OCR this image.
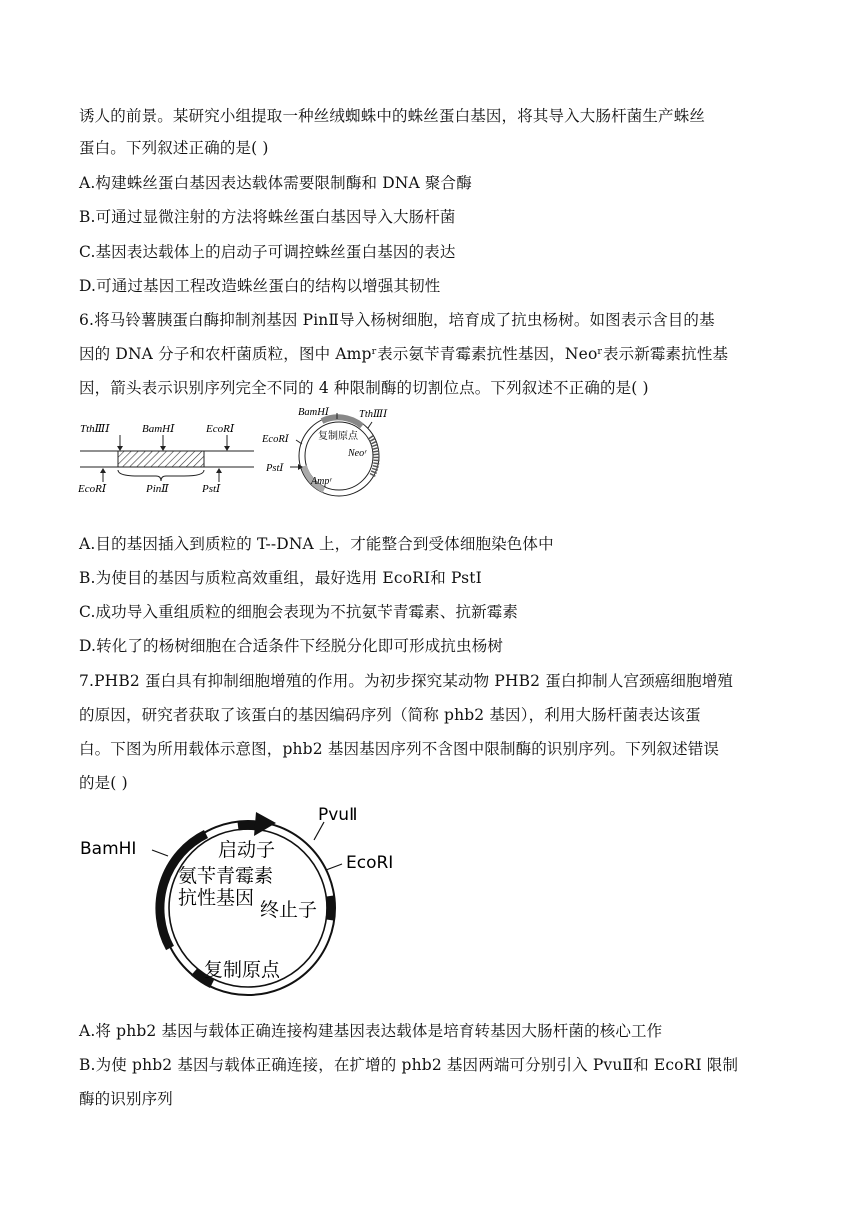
诱人的前景。某研究小组提取一种丝绒蜘蛛中的蛛丝蛋白基因，将其导入大肠杆菌生产蛛丝
蛋白。下列叙述正确的是( )
A.构建蛛丝蛋白基因表达载体需要限制酶和 DNA 聚合酶
B.可通过显微注射的方法将蛛丝蛋白基因导入大肠杆菌
C.基因表达载体上的启动子可调控蛛丝蛋白基因的表达
D.可通过基因工程改造蛛丝蛋白的结构以增强其韧性
6.将马铃薯胰蛋白酶抑制剂基因 PinⅡ导入杨树细胞，培育成了抗虫杨树。如图表示含目的基
因的 DNA 分子和农杆菌质粒，图中 Ampʳ表示氨苄青霉素抗性基因，Neoʳ表示新霉素抗性基
因，箭头表示识别序列完全不同的 4 种限制酶的切割位点。下列叙述不正确的是( )
A.目的基因插入到质粒的 T--DNA 上，才能整合到受体细胞染色体中
B.为使目的基因与质粒高效重组，最好选用 EcoRⅠ和 PstⅠ
C.成功导入重组质粒的细胞会表现为不抗氨苄青霉素、抗新霉素
D.转化了的杨树细胞在合适条件下经脱分化即可形成抗虫杨树
7.PHB2 蛋白具有抑制细胞增殖的作用。为初步探究某动物 PHB2 蛋白抑制人宫颈癌细胞增殖
的原因，研究者获取了该蛋白的基因编码序列（简称 phb2 基因），利用大肠杆菌表达该蛋
白。下图为所用载体示意图，phb2 基因基因序列不含图中限制酶的识别序列。下列叙述错误
的是( )
A.将 phb2 基因与载体正确连接构建基因表达载体是培育转基因大肠杆菌的核心工作
B.为使 phb2 基因与载体正确连接，在扩增的 phb2 基因两端可分别引入 PvuⅡ和 EcoRI 限制
酶的识别序列
TthⅢⅠ	BamHⅠ	EcoRⅠ
EcoRⅠ	PinⅡ	PstⅠ
BamHⅠ	TthⅢⅠ
EcoRⅠ	复制原点
Neoʳ
PstⅠ
Ampʳ
PvuⅡ
BamHⅠ
EcoRⅠ
启动子
氨苄青霉素
抗性基因
终止子
复制原点
